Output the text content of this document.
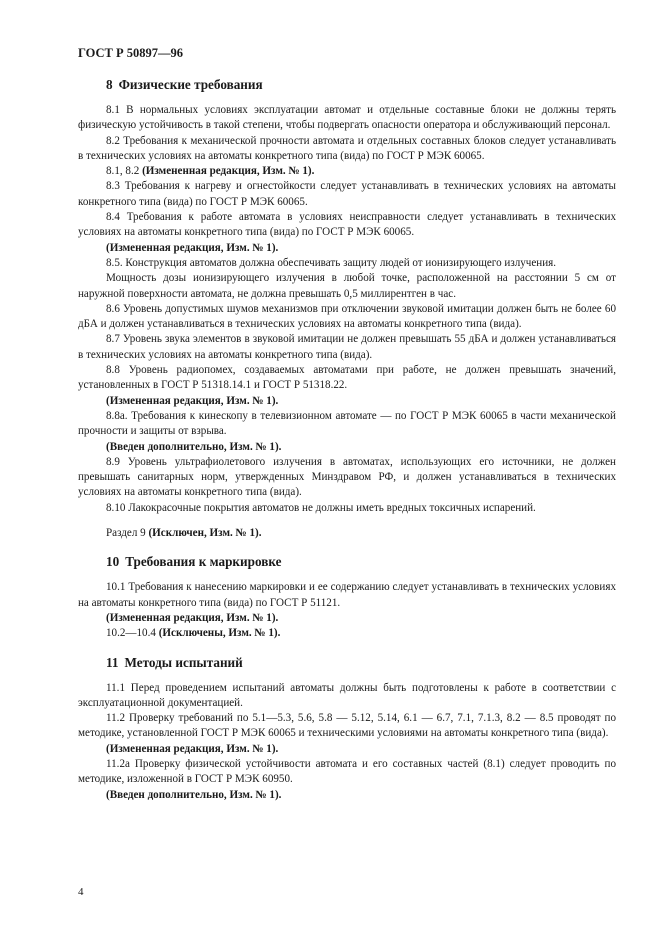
ГОСТ Р 50897—96
8 Физические требования

8.1 В нормальных условиях эксплуатации автомат и отдельные составные блоки не должны терять физическую устойчивость в такой степени, чтобы подвергать опасности оператора и обслуживающий персонал.

8.2 Требования к механической прочности автомата и отдельных составных блоков следует устанавливать в технических условиях на автоматы конкретного типа (вида) по ГОСТ Р МЭК 60065.

8.1, 8.2 (Измененная редакция, Изм. № 1).

8.3 Требования к нагреву и огнестойкости следует устанавливать в технических условиях на автоматы конкретного типа (вида) по ГОСТ Р МЭК 60065.

8.4 Требования к работе автомата в условиях неисправности следует устанавливать в технических условиях на автоматы конкретного типа (вида) по ГОСТ Р МЭК 60065.

(Измененная редакция, Изм. № 1).

8.5. Конструкция автоматов должна обеспечивать защиту людей от ионизирующего излучения.

Мощность дозы ионизирующего излучения в любой точке, расположенной на расстоянии 5 см от наружной поверхности автомата, не должна превышать 0,5 миллирентген в час.

8.6 Уровень допустимых шумов механизмов при отключении звуковой имитации должен быть не более 60 дБА и должен устанавливаться в технических условиях на автоматы конкретного типа (вида).

8.7 Уровень звука элементов в звуковой имитации не должен превышать 55 дБА и должен устанавливаться в технических условиях на автоматы конкретного типа (вида).

8.8 Уровень радиопомех, создаваемых автоматами при работе, не должен превышать значений, установленных в ГОСТ Р 51318.14.1 и ГОСТ Р 51318.22.

(Измененная редакция, Изм. № 1).

8.8а. Требования к кинескопу в телевизионном автомате — по ГОСТ Р МЭК 60065 в части механической прочности и защиты от взрыва.

(Введен дополнительно, Изм. № 1).

8.9 Уровень ультрафиолетового излучения в автоматах, использующих его источники, не должен превышать санитарных норм, утвержденных Минздравом РФ, и должен устанавливаться в технических условиях на автоматы конкретного типа (вида).

8.10 Лакокрасочные покрытия автоматов не должны иметь вредных токсичных испарений.

Раздел 9 (Исключен, Изм. № 1).

10 Требования к маркировке

10.1 Требования к нанесению маркировки и ее содержанию следует устанавливать в технических условиях на автоматы конкретного типа (вида) по ГОСТ Р 51121.

(Измененная редакция, Изм. № 1).

10.2—10.4 (Исключены, Изм. № 1).

11 Методы испытаний

11.1 Перед проведением испытаний автоматы должны быть подготовлены к работе в соответствии с эксплуатационной документацией.

11.2 Проверку требований по 5.1—5.3, 5.6, 5.8 — 5.12, 5.14, 6.1 — 6.7, 7.1, 7.1.3, 8.2 — 8.5 проводят по методике, установленной ГОСТ Р МЭК 60065 и техническими условиями на автоматы конкретного типа (вида).

(Измененная редакция, Изм. № 1).

11.2а Проверку физической устойчивости автомата и его составных частей (8.1) следует проводить по методике, изложенной в ГОСТ Р МЭК 60950.

(Введен дополнительно, Изм. № 1).

4
